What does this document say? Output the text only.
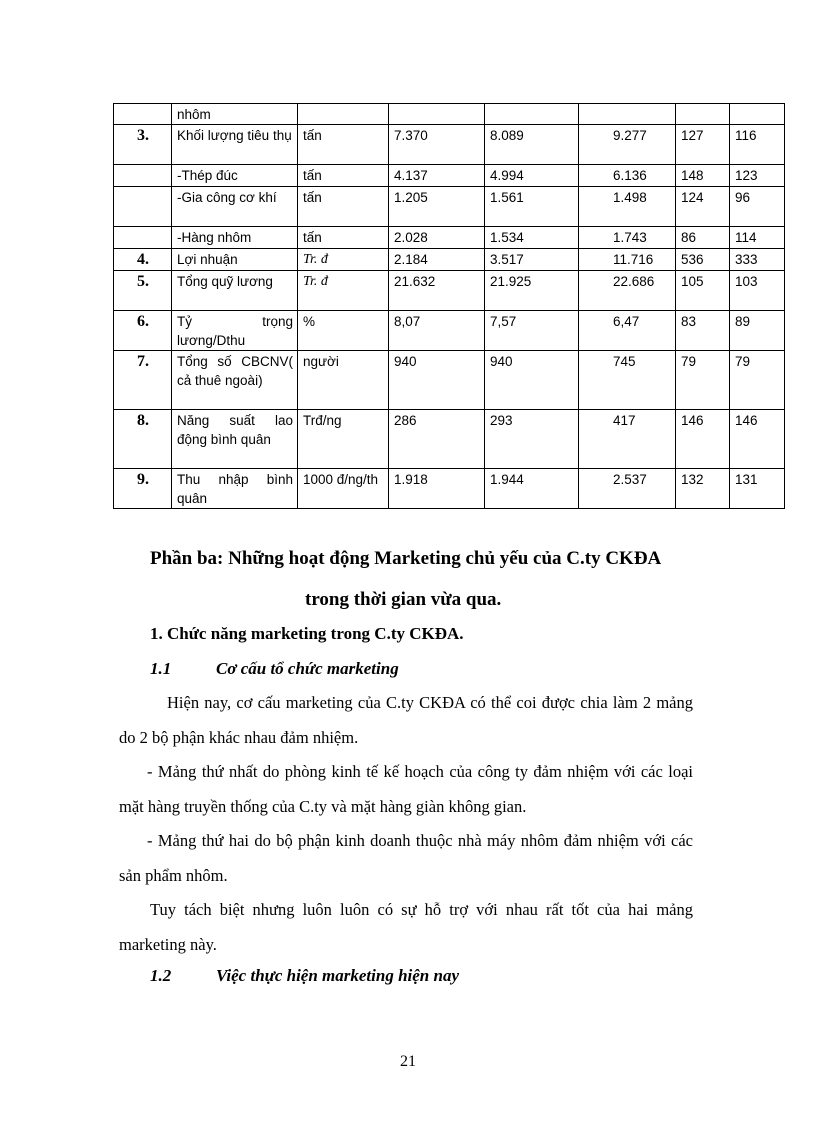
	nhôm						
3.	Khối lượng tiêu thụ	tấn	7.370	8.089	9.277	127	116
	-Thép đúc	tấn	4.137	4.994	6.136	148	123
	-Gia công cơ khí	tấn	1.205	1.561	1.498	124	96
	-Hàng nhôm	tấn	2.028	1.534	1.743	86	114
4.	Lợi nhuận	Tr. đ	2.184	3.517	11.716	536	333
5.	Tổng quỹ lương	Tr. đ	21.632	21.925	22.686	105	103
6.	Tỷ trọng lương/Dthu	%	8,07	7,57	6,47	83	89
7.	Tổng số CBCNV( cả thuê ngoài)	người	940	940	745	79	79
8.	Năng suất lao động bình quân	Trđ/ng	286	293	417	146	146
9.	Thu nhập bình quân	1000 đ/ng/th	1.918	1.944	2.537	132	131
Phần ba: Những hoạt động Marketing chủ yếu của C.ty CKĐA
trong thời gian vừa qua.
1. Chức năng marketing trong C.ty CKĐA.
1.1	Cơ cấu tổ chức marketing
Hiện nay, cơ cấu marketing của C.ty CKĐA có thể coi được chia làm 2 mảng do 2 bộ phận khác nhau đảm nhiệm.
- Mảng thứ nhất do phòng kinh tế kế hoạch của công ty đảm nhiệm với các loại mặt hàng truyền thống của C.ty và mặt hàng giàn không gian.
- Mảng thứ hai do bộ phận kinh doanh thuộc nhà máy nhôm đảm nhiệm với các sản phẩm nhôm.
Tuy tách biệt nhưng luôn luôn có sự hỗ trợ với nhau rất tốt của hai mảng marketing này.
1.2	Việc thực hiện marketing hiện nay
21
